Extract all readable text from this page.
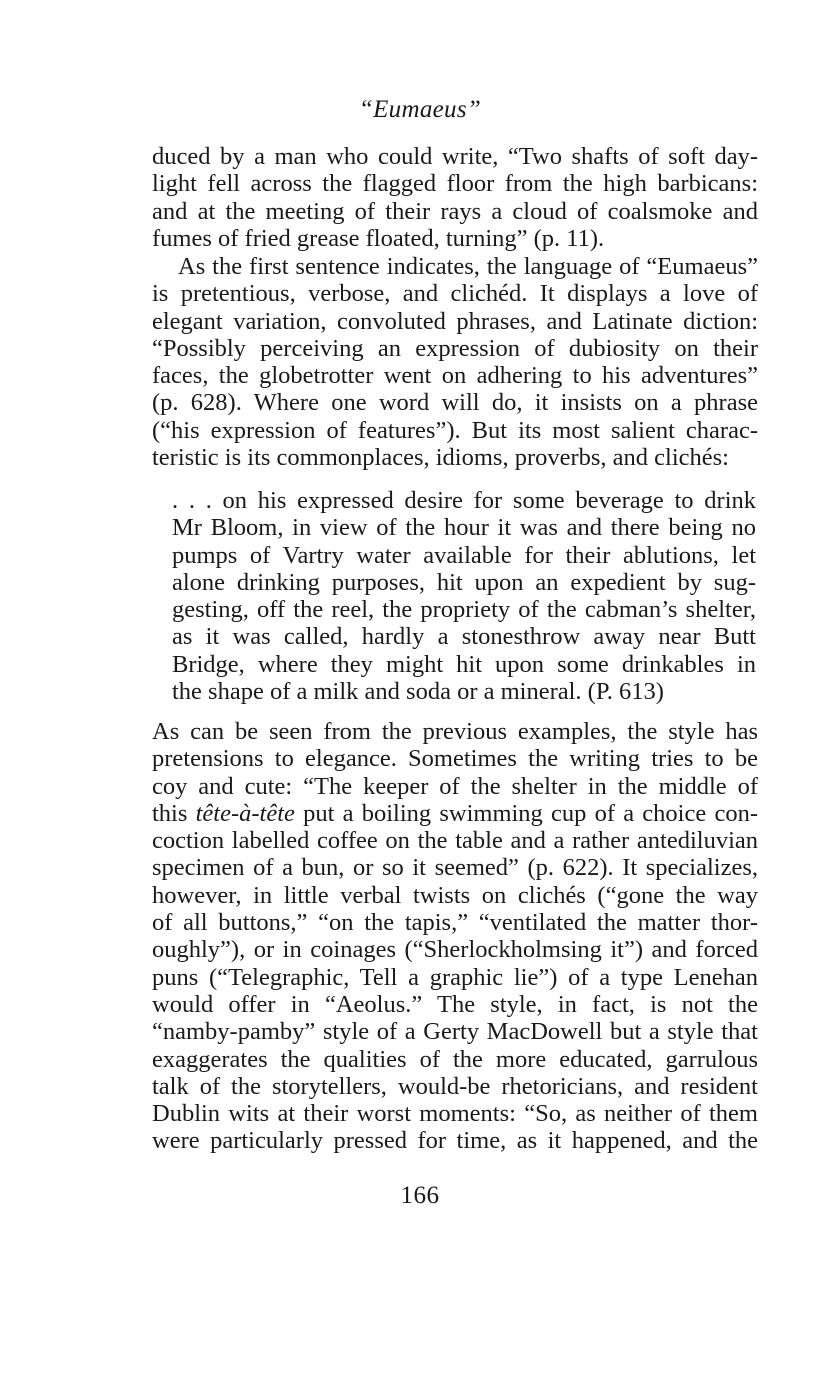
“Eumaeus”
duced by a man who could write, “Two shafts of soft day-
light fell across the flagged floor from the high barbicans:
and at the meeting of their rays a cloud of coalsmoke and
fumes of fried grease floated, turning” (p. 11).
As the first sentence indicates, the language of “Eumaeus”
is pretentious, verbose, and clichéd. It displays a love of
elegant variation, convoluted phrases, and Latinate diction:
“Possibly perceiving an expression of dubiosity on their
faces, the globetrotter went on adhering to his adventures”
(p. 628). Where one word will do, it insists on a phrase
(“his expression of features”). But its most salient charac-
teristic is its commonplaces, idioms, proverbs, and clichés:
. . . on his expressed desire for some beverage to drink
Mr Bloom, in view of the hour it was and there being no
pumps of Vartry water available for their ablutions, let
alone drinking purposes, hit upon an expedient by sug-
gesting, off the reel, the propriety of the cabman’s shelter,
as it was called, hardly a stonesthrow away near Butt
Bridge, where they might hit upon some drinkables in
the shape of a milk and soda or a mineral. (P. 613)
As can be seen from the previous examples, the style has
pretensions to elegance. Sometimes the writing tries to be
coy and cute: “The keeper of the shelter in the middle of
this tête-à-tête put a boiling swimming cup of a choice con-
coction labelled coffee on the table and a rather antediluvian
specimen of a bun, or so it seemed” (p. 622). It specializes,
however, in little verbal twists on clichés (“gone the way
of all buttons,” “on the tapis,” “ventilated the matter thor-
oughly”), or in coinages (“Sherlockholmsing it”) and forced
puns (“Telegraphic, Tell a graphic lie”) of a type Lenehan
would offer in “Aeolus.” The style, in fact, is not the
“namby-pamby” style of a Gerty MacDowell but a style that
exaggerates the qualities of the more educated, garrulous
talk of the storytellers, would-be rhetoricians, and resident
Dublin wits at their worst moments: “So, as neither of them
were particularly pressed for time, as it happened, and the
166
